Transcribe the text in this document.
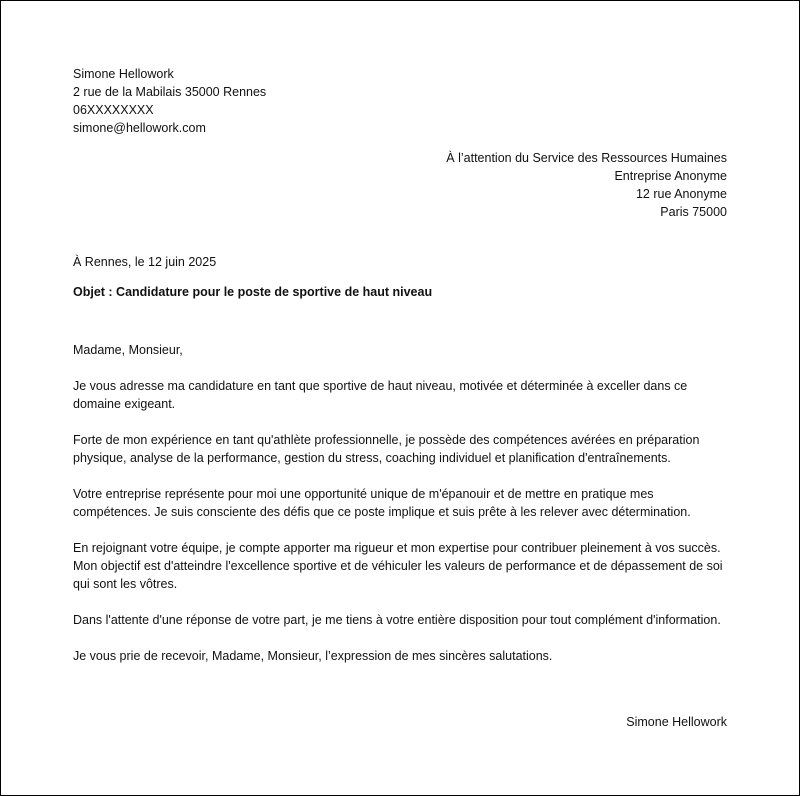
Simone Hellowork
2 rue de la Mabilais 35000 Rennes
06XXXXXXXX
simone@hellowork.com
À l’attention du Service des Ressources Humaines
Entreprise Anonyme
12 rue Anonyme
Paris 75000
À Rennes, le 12 juin 2025
Objet : Candidature pour le poste de sportive de haut niveau

Madame, Monsieur,

Je vous adresse ma candidature en tant que sportive de haut niveau, motivée et déterminée à exceller dans ce domaine exigeant.

Forte de mon expérience en tant qu'athlète professionnelle, je possède des compétences avérées en préparation physique, analyse de la performance, gestion du stress, coaching individuel et planification d'entraînements.

Votre entreprise représente pour moi une opportunité unique de m'épanouir et de mettre en pratique mes compétences. Je suis consciente des défis que ce poste implique et suis prête à les relever avec détermination.

En rejoignant votre équipe, je compte apporter ma rigueur et mon expertise pour contribuer pleinement à vos succès. Mon objectif est d'atteindre l'excellence sportive et de véhiculer les valeurs de performance et de dépassement de soi qui sont les vôtres.

Dans l'attente d'une réponse de votre part, je me tiens à votre entière disposition pour tout complément d'information.

Je vous prie de recevoir, Madame, Monsieur, l’expression de mes sincères salutations.

Simone Hellowork
